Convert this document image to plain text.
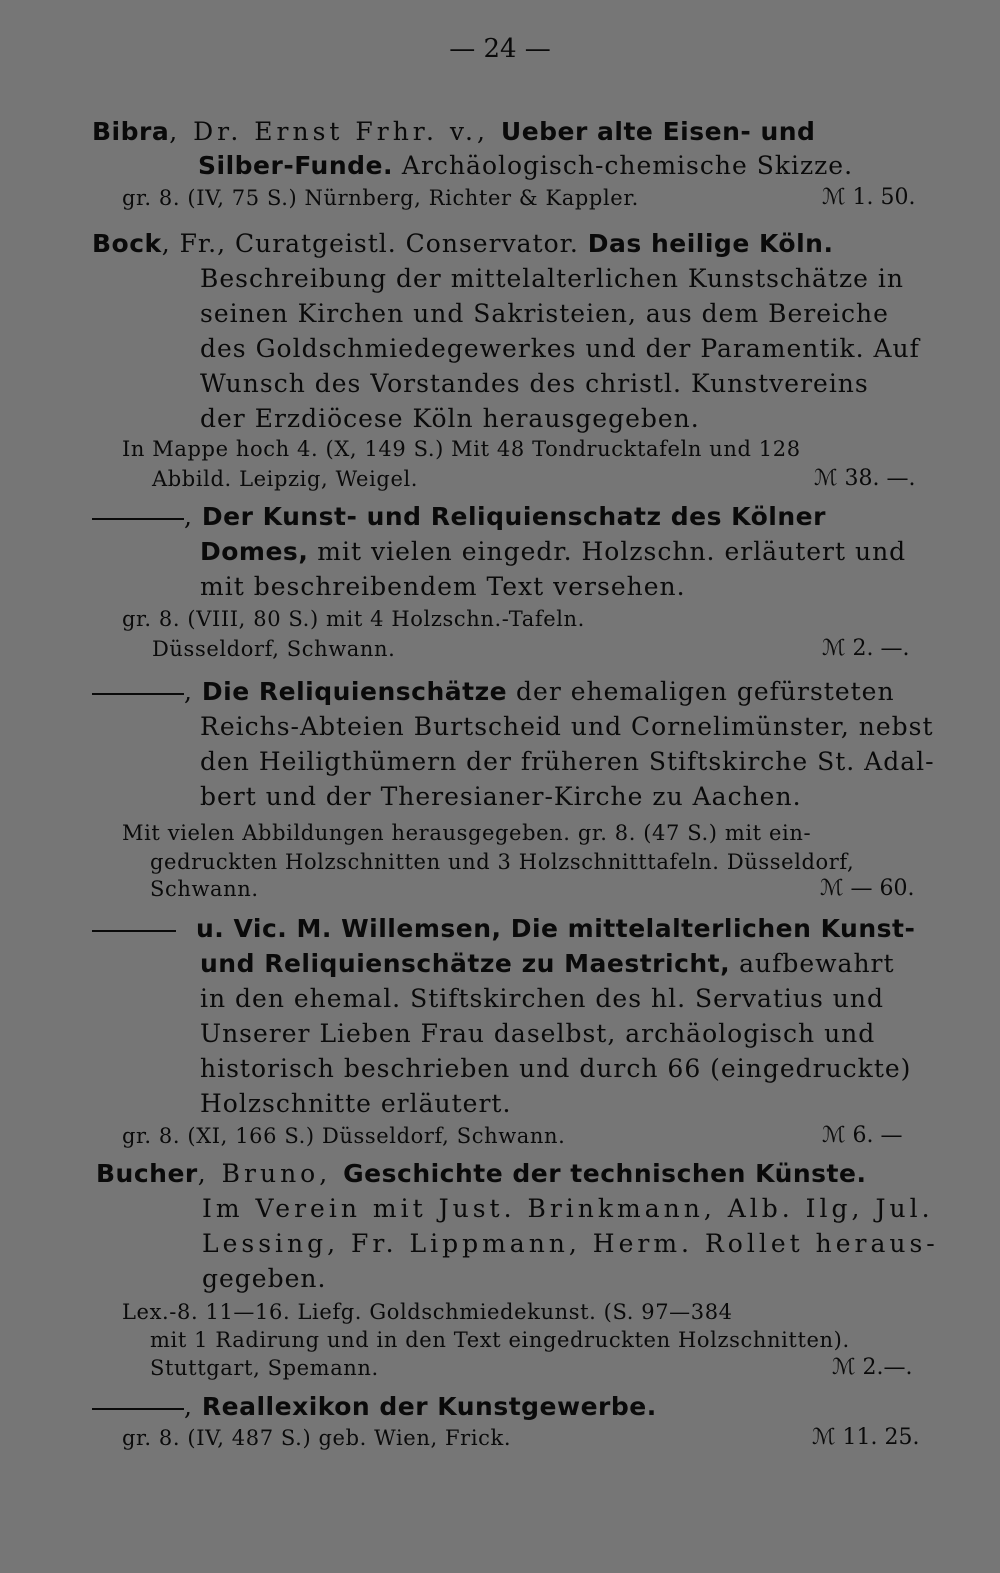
— 24 —
Bibra, Dr. Ernst Frhr. v., Ueber alte Eisen- und
Silber-Funde. Archäologisch-chemische Skizze.
gr. 8. (IV, 75 S.) Nürnberg, Richter & Kappler.	ℳ 1. 50.
Bock, Fr., Curatgeistl. Conservator. Das heilige Köln.
Beschreibung der mittelalterlichen Kunstschätze in
seinen Kirchen und Sakristeien, aus dem Bereiche
des Goldschmiedegewerkes und der Paramentik. Auf
Wunsch des Vorstandes des christl. Kunstvereins
der Erzdiöcese Köln herausgegeben.
In Mappe hoch 4. (X, 149 S.) Mit 48 Tondrucktafeln und 128
Abbild. Leipzig, Weigel.	ℳ 38. —.
, Der Kunst- und Reliquienschatz des Kölner
Domes, mit vielen eingedr. Holzschn. erläutert und
mit beschreibendem Text versehen.
gr. 8. (VIII, 80 S.) mit 4 Holzschn.-Tafeln.
Düsseldorf, Schwann.	ℳ 2. —.
, Die Reliquienschätze der ehemaligen gefürsteten
Reichs-Abteien Burtscheid und Cornelimünster, nebst
den Heiligthümern der früheren Stiftskirche St. Adal-
bert und der Theresianer-Kirche zu Aachen.
Mit vielen Abbildungen herausgegeben. gr. 8. (47 S.) mit ein-
gedruckten Holzschnitten und 3 Holzschnitttafeln. Düsseldorf,
Schwann.	ℳ — 60.
u. Vic. M. Willemsen, Die mittelalterlichen Kunst-
und Reliquienschätze zu Maestricht, aufbewahrt
in den ehemal. Stiftskirchen des hl. Servatius und
Unserer Lieben Frau daselbst, archäologisch und
historisch beschrieben und durch 66 (eingedruckte)
Holzschnitte erläutert.
gr. 8. (XI, 166 S.) Düsseldorf, Schwann.	ℳ 6. —
Bucher, Bruno, Geschichte der technischen Künste.
Im Verein mit Just. Brinkmann, Alb. Ilg, Jul.
Lessing, Fr. Lippmann, Herm. Rollet heraus-
gegeben.
Lex.-8. 11—16. Liefg. Goldschmiedekunst. (S. 97—384
mit 1 Radirung und in den Text eingedruckten Holzschnitten).
Stuttgart, Spemann.	ℳ 2.—.
, Reallexikon der Kunstgewerbe.
gr. 8. (IV, 487 S.) geb. Wien, Frick.	ℳ 11. 25.
